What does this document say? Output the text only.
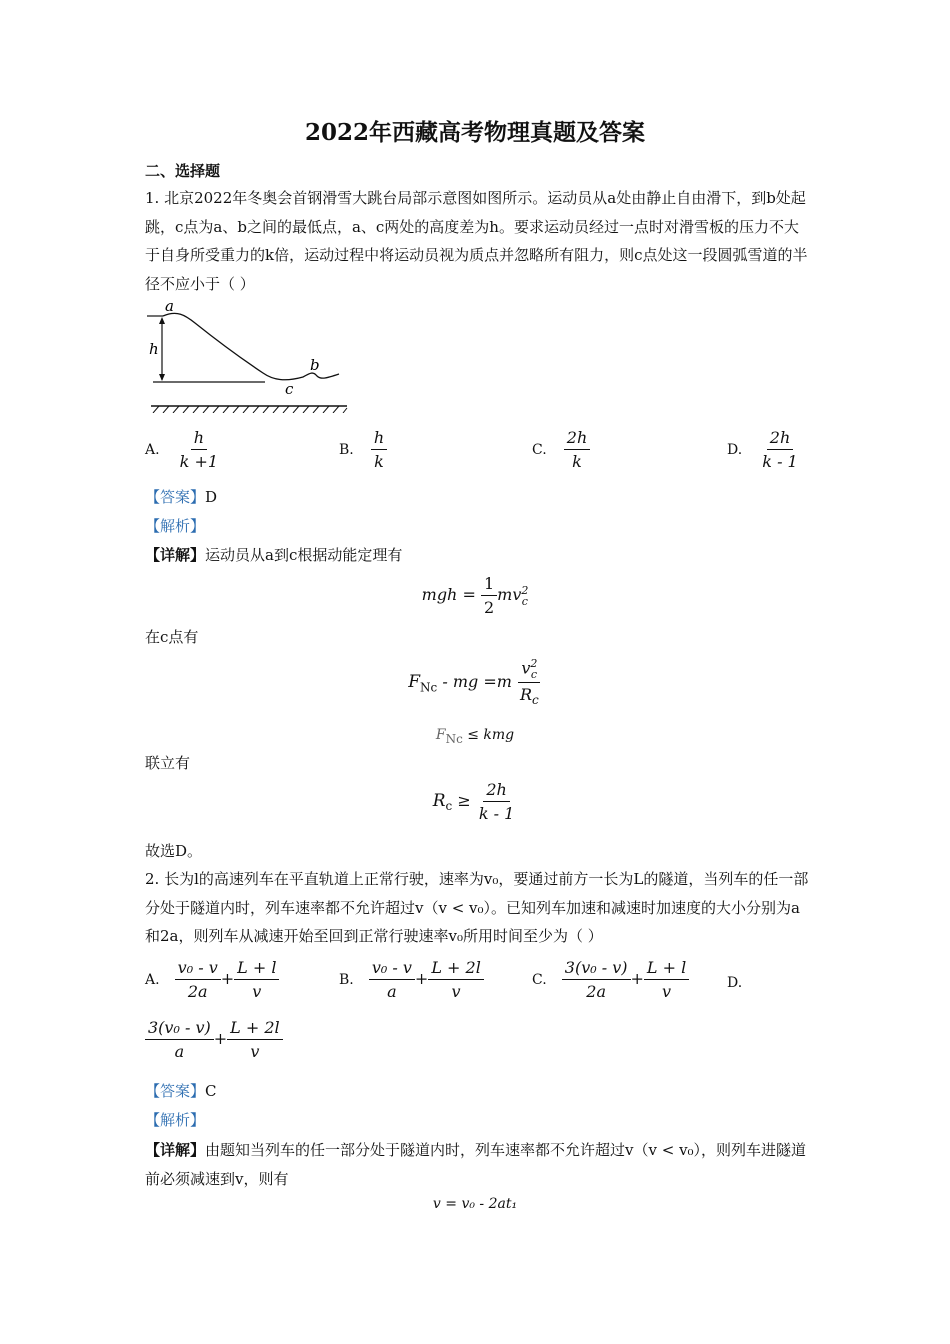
2022年西藏高考物理真题及答案
二、选择题
1. 北京2022年冬奥会首钢滑雪大跳台局部示意图如图所示。运动员从a处由静止自由滑下，到b处起跳，c点为a、b之间的最低点，a、c两处的高度差为h。要求运动员经过一点时对滑雪板的压力不大于自身所受重力的k倍，运动过程中将运动员视为质点并忽略所有阻力，则c点处这一段圆弧雪道的半径不应小于（ ）
a
h
b
c
A. $\frac{h}{k +1}$	B. $\frac{h}{k}$	C. $\frac{2h}{k}$	D. $\frac{2h}{k - 1}$
【答案】D
【解析】
【详解】运动员从a到c根据动能定理有
mgh = $\frac{1}{2}$ mv 2
c
在c点有
$F_{Nc}$ - mg =m v 2
c
$R_c$
$F_{Nc}$ ≤ kmg
联立有
$R_c \ge \frac{2h}{k - 1}$
故选D。
2. 长为l的高速列车在平直轨道上正常行驶，速率为v₀，要通过前方一长为L的隧道，当列车的任一部分处于隧道内时，列车速率都不允许超过v（v < v₀）。已知列车加速和减速时加速度的大小分别为a和2a，则列车从减速开始至回到正常行驶速率v₀所用时间至少为（ ）
A. $\frac{\text{v₀ - v}}{2a} + \frac{L + l}{v}$	B. $\frac{\text{v₀ - v}}{a} + \frac{L + 2l}{v}$	C. $\frac{\text{3(v₀ - v)}}{2a} + \frac{L + l}{v}$	D.
$\frac{\text{3(v₀ - v)}}{a} + \frac{L + 2l}{v}$
【答案】C
【解析】
【详解】由题知当列车的任一部分处于隧道内时，列车速率都不允许超过v（v < v₀），则列车进隧道前必须减速到v，则有
v = v₀ - 2at₁
